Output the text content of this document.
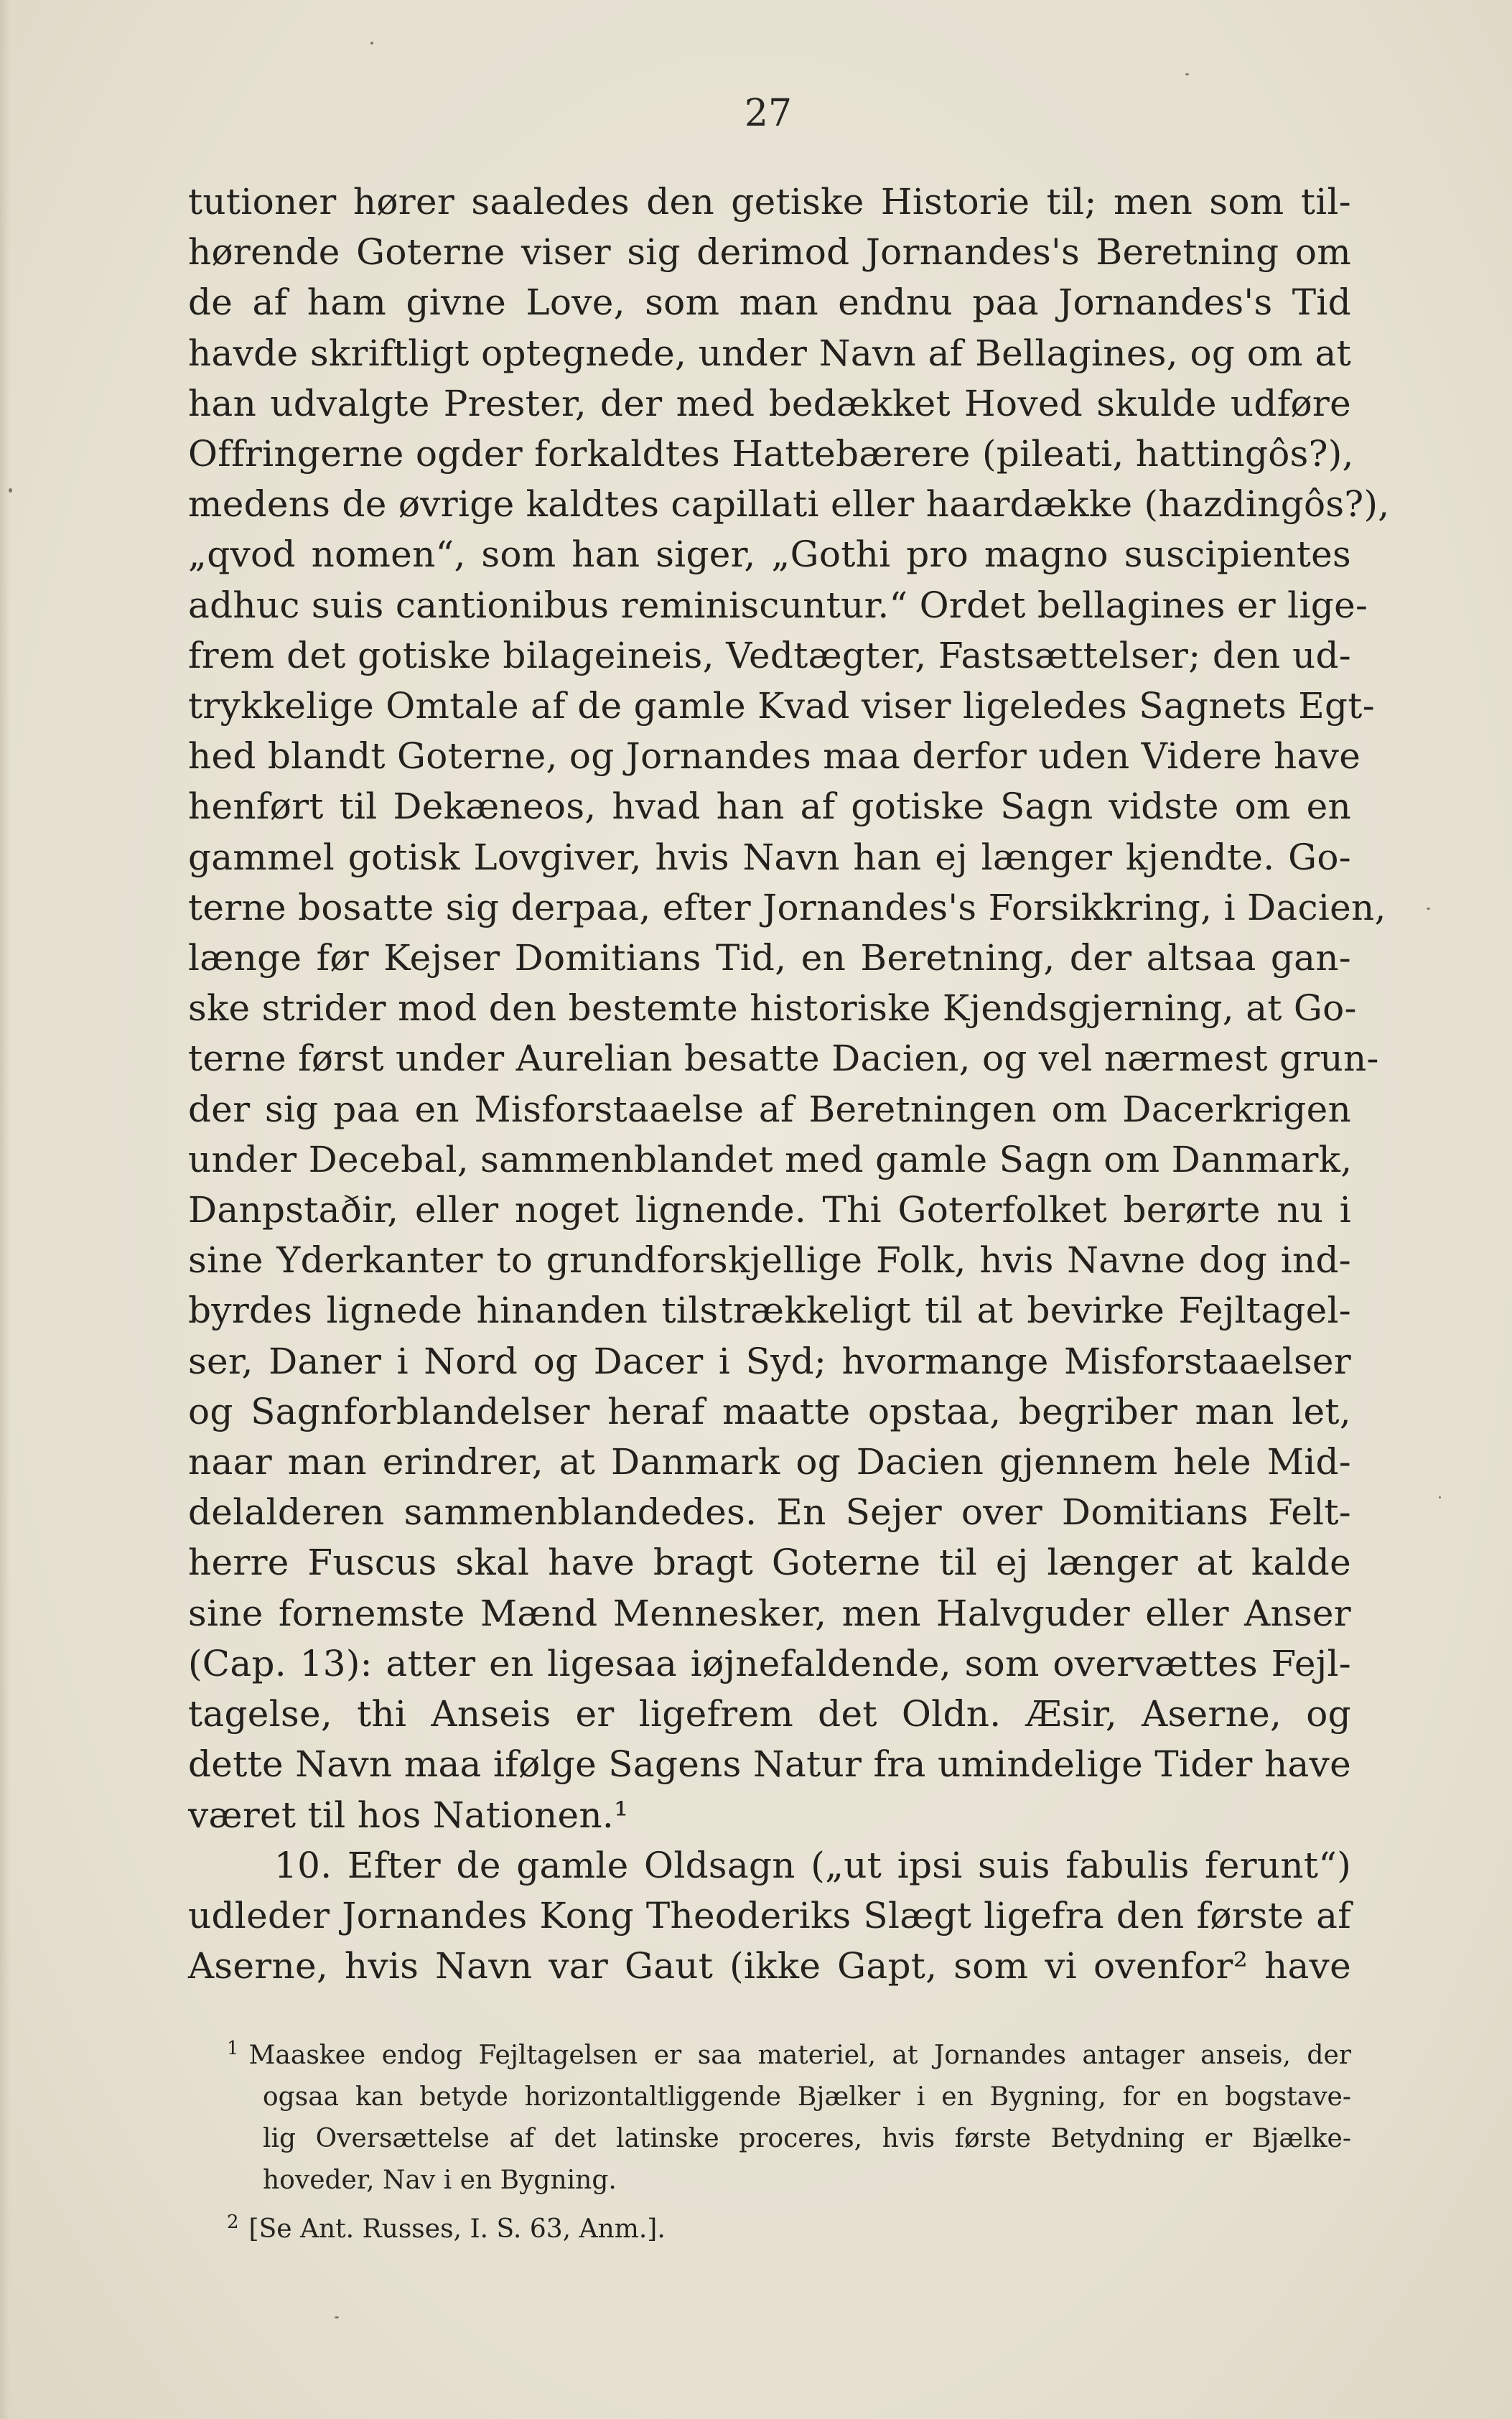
27
tutioner hører saaledes den getiske Historie til; men som til-
hørende Goterne viser sig derimod Jornandes's Beretning om
de af ham givne Love, som man endnu paa Jornandes's Tid
havde skriftligt optegnede, under Navn af Bellagines, og om at
han udvalgte Prester, der med bedækket Hoved skulde udføre
Offringerne ogder forkaldtes Hattebærere (pileati, hattingôs?),
medens de øvrige kaldtes capillati eller haardække (hazdingôs?),
„qvod nomen“, som han siger, „Gothi pro magno suscipientes
adhuc suis cantionibus reminiscuntur.“ Ordet bellagines er lige-
frem det gotiske bilageineis, Vedtægter, Fastsættelser; den ud-
trykkelige Omtale af de gamle Kvad viser ligeledes Sagnets Egt-
hed blandt Goterne, og Jornandes maa derfor uden Videre have
henført til Dekæneos, hvad han af gotiske Sagn vidste om en
gammel gotisk Lovgiver, hvis Navn han ej længer kjendte. Go-
terne bosatte sig derpaa, efter Jornandes's Forsikkring, i Dacien,
længe før Kejser Domitians Tid, en Beretning, der altsaa gan-
ske strider mod den bestemte historiske Kjendsgjerning, at Go-
terne først under Aurelian besatte Dacien, og vel nærmest grun-
der sig paa en Misforstaaelse af Beretningen om Dacerkrigen
under Decebal, sammenblandet med gamle Sagn om Danmark,
Danpstaðir, eller noget lignende. Thi Goterfolket berørte nu i
sine Yderkanter to grundforskjellige Folk, hvis Navne dog ind-
byrdes lignede hinanden tilstrækkeligt til at bevirke Fejltagel-
ser, Daner i Nord og Dacer i Syd; hvormange Misforstaaelser
og Sagnforblandelser heraf maatte opstaa, begriber man let,
naar man erindrer, at Danmark og Dacien gjennem hele Mid-
delalderen sammenblandedes. En Sejer over Domitians Felt-
herre Fuscus skal have bragt Goterne til ej længer at kalde
sine fornemste Mænd Mennesker, men Halvguder eller Anser
(Cap. 13): atter en ligesaa iøjnefaldende, som overvættes Fejl-
tagelse, thi Anseis er ligefrem det Oldn. Æsir, Aserne, og
dette Navn maa ifølge Sagens Natur fra umindelige Tider have
været til hos Nationen.¹
10. Efter de gamle Oldsagn („ut ipsi suis fabulis ferunt“)
udleder Jornandes Kong Theoderiks Slægt ligefra den første af
Aserne, hvis Navn var Gaut (ikke Gapt, som vi ovenfor² have
$^1$ Maaskee endog Fejltagelsen er saa materiel, at Jornandes antager anseis, der
ogsaa kan betyde horizontaltliggende Bjælker i en Bygning, for en bogstave-
lig Oversættelse af det latinske proceres, hvis første Betydning er Bjælke-
hoveder, Nav i en Bygning.
$^2$ [Se Ant. Russes, I. S. 63, Anm.].
